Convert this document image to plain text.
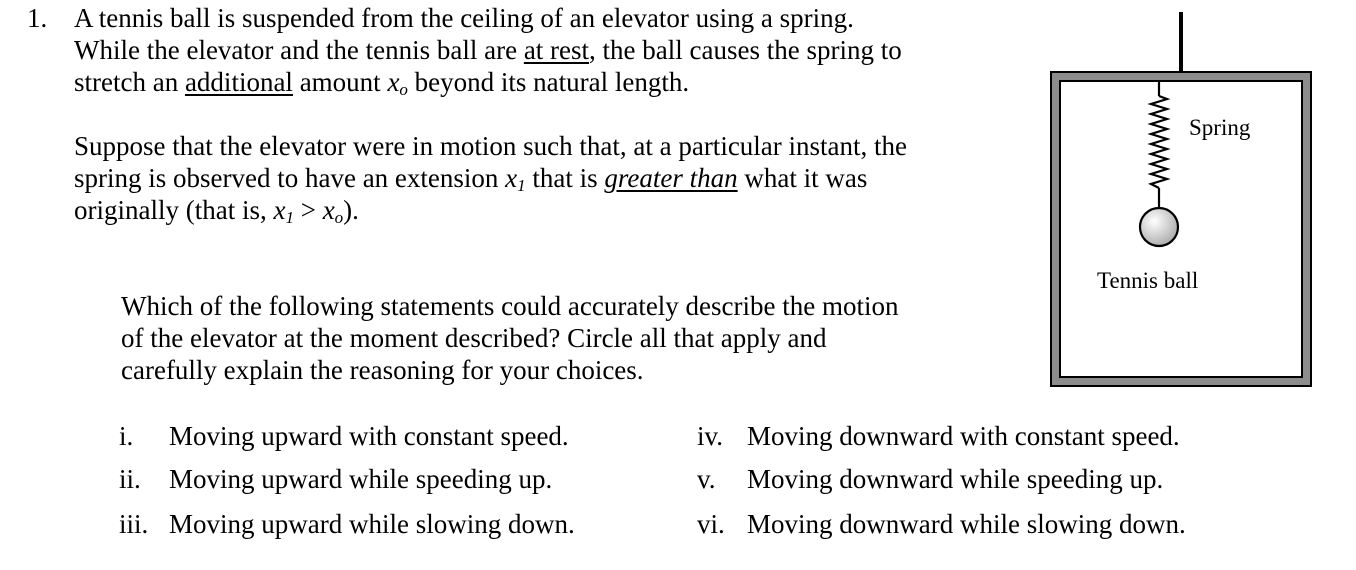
1. A tennis ball is suspended from the ceiling of an elevator using a spring.
While the elevator and the tennis ball are at rest, the ball causes the spring to
stretch an additional amount xo beyond its natural length.
Suppose that the elevator were in motion such that, at a particular instant, the
spring is observed to have an extension x1 that is greater than what it was
originally (that is, x1 > xo).
Which of the following statements could accurately describe the motion
of the elevator at the moment described? Circle all that apply and
carefully explain the reasoning for your choices.
i. Moving upward with constant speed.
ii. Moving upward while speeding up.
iii. Moving upward while slowing down.
iv. Moving downward with constant speed.
v. Moving downward while speeding up.
vi. Moving downward while slowing down.
Spring
Tennis ball
